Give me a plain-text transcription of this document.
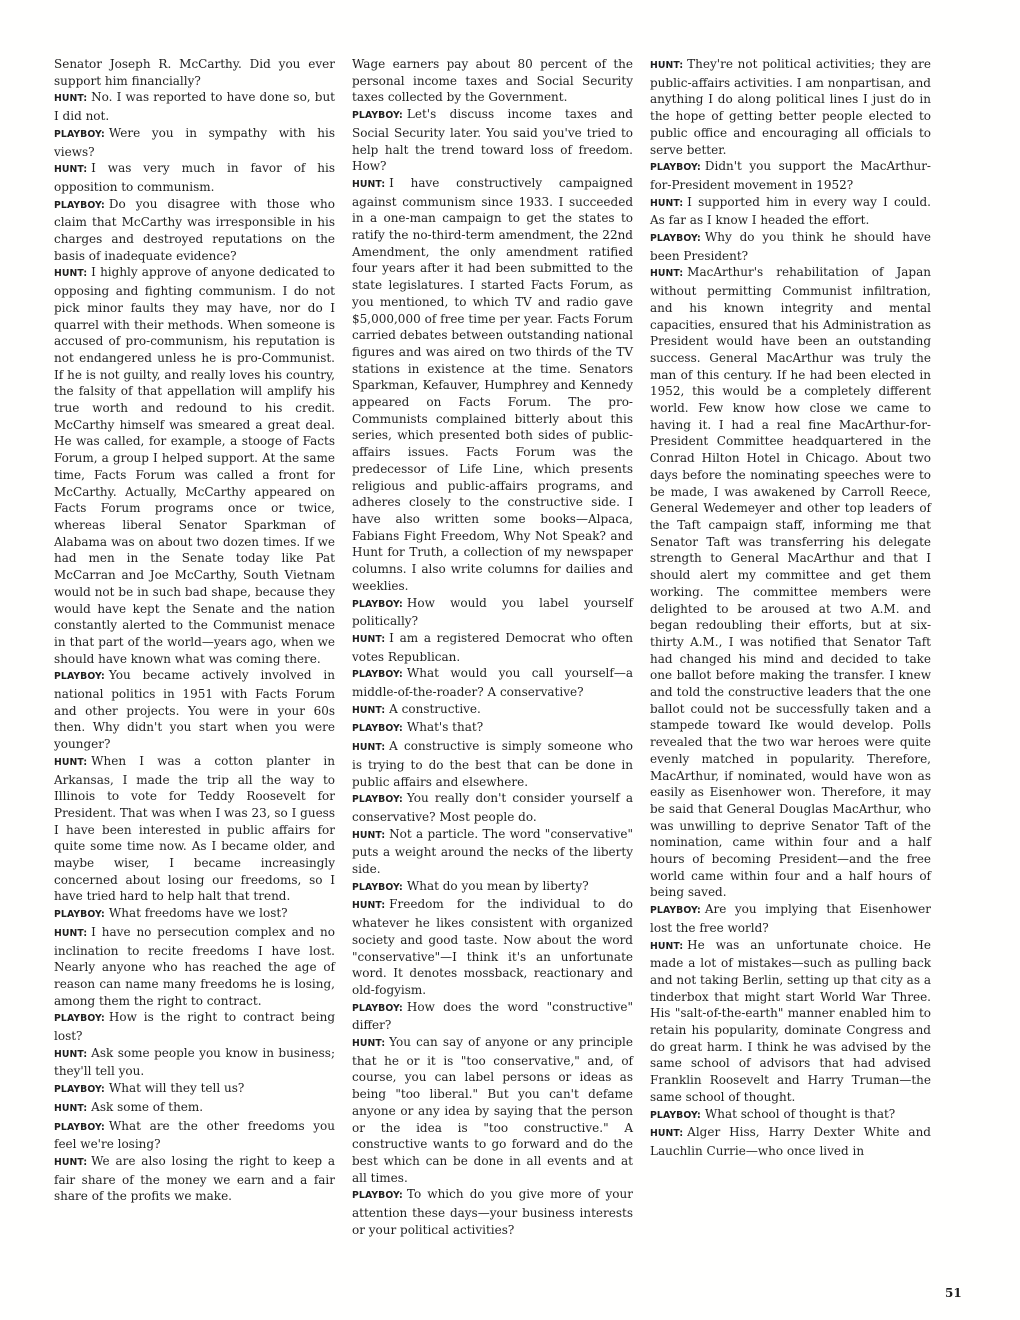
Senator Joseph R. McCarthy. Did you ever support him financially?

HUNT: No. I was reported to have done so, but I did not.

PLAYBOY: Were you in sympathy with his views?

HUNT: I was very much in favor of his opposition to communism.

PLAYBOY: Do you disagree with those who claim that McCarthy was irresponsible in his charges and destroyed reputations on the basis of inadequate evidence?

HUNT: I highly approve of anyone dedicated to opposing and fighting communism. I do not pick minor faults they may have, nor do I quarrel with their methods. When someone is accused of pro-communism, his reputation is not endangered unless he is pro-Communist. If he is not guilty, and really loves his country, the falsity of that appellation will amplify his true worth and redound to his credit. McCarthy himself was smeared a great deal. He was called, for example, a stooge of Facts Forum, a group I helped support. At the same time, Facts Forum was called a front for McCarthy. Actually, McCarthy appeared on Facts Forum programs once or twice, whereas liberal Senator Sparkman of Alabama was on about two dozen times. If we had men in the Senate today like Pat McCarran and Joe McCarthy, South Vietnam would not be in such bad shape, because they would have kept the Senate and the nation constantly alerted to the Communist menace in that part of the world—years ago, when we should have known what was coming there.

PLAYBOY: You became actively involved in national politics in 1951 with Facts Forum and other projects. You were in your 60s then. Why didn't you start when you were younger?

HUNT: When I was a cotton planter in Arkansas, I made the trip all the way to Illinois to vote for Teddy Roosevelt for President. That was when I was 23, so I guess I have been interested in public affairs for quite some time now. As I became older, and maybe wiser, I became increasingly concerned about losing our freedoms, so I have tried hard to help halt that trend.

PLAYBOY: What freedoms have we lost?

HUNT: I have no persecution complex and no inclination to recite freedoms I have lost. Nearly anyone who has reached the age of reason can name many freedoms he is losing, among them the right to contract.

PLAYBOY: How is the right to contract being lost?

HUNT: Ask some people you know in business; they'll tell you.

PLAYBOY: What will they tell us?

HUNT: Ask some of them.

PLAYBOY: What are the other freedoms you feel we're losing?

HUNT: We are also losing the right to keep a fair share of the money we earn and a fair share of the profits we make.

Wage earners pay about 80 percent of the personal income taxes and Social Security taxes collected by the Government.

PLAYBOY: Let's discuss income taxes and Social Security later. You said you've tried to help halt the trend toward loss of freedom. How?

HUNT: I have constructively campaigned against communism since 1933. I succeeded in a one-man campaign to get the states to ratify the no-third-term amendment, the 22nd Amendment, the only amendment ratified four years after it had been submitted to the state legislatures. I started Facts Forum, as you mentioned, to which TV and radio gave $5,000,000 of free time per year. Facts Forum carried debates between outstanding national figures and was aired on two thirds of the TV stations in existence at the time. Senators Sparkman, Kefauver, Humphrey and Kennedy appeared on Facts Forum. The pro-Communists complained bitterly about this series, which presented both sides of public-affairs issues. Facts Forum was the predecessor of Life Line, which presents religious and public-affairs programs, and adheres closely to the constructive side. I have also written some books—Alpaca, Fabians Fight Freedom, Why Not Speak? and Hunt for Truth, a collection of my newspaper columns. I also write columns for dailies and weeklies.

PLAYBOY: How would you label yourself politically?

HUNT: I am a registered Democrat who often votes Republican.

PLAYBOY: What would you call yourself—a middle-of-the-roader? A conservative?

HUNT: A constructive.

PLAYBOY: What's that?

HUNT: A constructive is simply someone who is trying to do the best that can be done in public affairs and elsewhere.

PLAYBOY: You really don't consider yourself a conservative? Most people do.

HUNT: Not a particle. The word "conservative" puts a weight around the necks of the liberty side.

PLAYBOY: What do you mean by liberty?

HUNT: Freedom for the individual to do whatever he likes consistent with organized society and good taste. Now about the word "conservative"—I think it's an unfortunate word. It denotes mossback, reactionary and old-fogyism.

PLAYBOY: How does the word "constructive" differ?

HUNT: You can say of anyone or any principle that he or it is "too conservative," and, of course, you can label persons or ideas as being "too liberal." But you can't defame anyone or any idea by saying that the person or the idea is "too constructive." A constructive wants to go forward and do the best which can be done in all events and at all times.

PLAYBOY: To which do you give more of your attention these days—your business interests or your political activities?

HUNT: They're not political activities; they are public-affairs activities. I am nonpartisan, and anything I do along political lines I just do in the hope of getting better people elected to public office and encouraging all officials to serve better.

PLAYBOY: Didn't you support the MacArthur-for-President movement in 1952?

HUNT: I supported him in every way I could. As far as I know I headed the effort.

PLAYBOY: Why do you think he should have been President?

HUNT: MacArthur's rehabilitation of Japan without permitting Communist infiltration, and his known integrity and mental capacities, ensured that his Administration as President would have been an outstanding success. General MacArthur was truly the man of this century. If he had been elected in 1952, this would be a completely different world. Few know how close we came to having it. I had a real fine MacArthur-for-President Committee headquartered in the Conrad Hilton Hotel in Chicago. About two days before the nominating speeches were to be made, I was awakened by Carroll Reece, General Wedemeyer and other top leaders of the Taft campaign staff, informing me that Senator Taft was transferring his delegate strength to General MacArthur and that I should alert my committee and get them working. The committee members were delighted to be aroused at two A.M. and began redoubling their efforts, but at six-thirty A.M., I was notified that Senator Taft had changed his mind and decided to take one ballot before making the transfer. I knew and told the constructive leaders that the one ballot could not be successfully taken and a stampede toward Ike would develop. Polls revealed that the two war heroes were quite evenly matched in popularity. Therefore, MacArthur, if nominated, would have won as easily as Eisenhower won. Therefore, it may be said that General Douglas MacArthur, who was unwilling to deprive Senator Taft of the nomination, came within four and a half hours of becoming President—and the free world came within four and a half hours of being saved.

PLAYBOY: Are you implying that Eisenhower lost the free world?

HUNT: He was an unfortunate choice. He made a lot of mistakes—such as pulling back and not taking Berlin, setting up that city as a tinderbox that might start World War Three. His "salt-of-the-earth" manner enabled him to retain his popularity, dominate Congress and do great harm. I think he was advised by the same school of advisors that had advised Franklin Roosevelt and Harry Truman—the same school of thought.

PLAYBOY: What school of thought is that?

HUNT: Alger Hiss, Harry Dexter White and Lauchlin Currie—who once lived in

51
